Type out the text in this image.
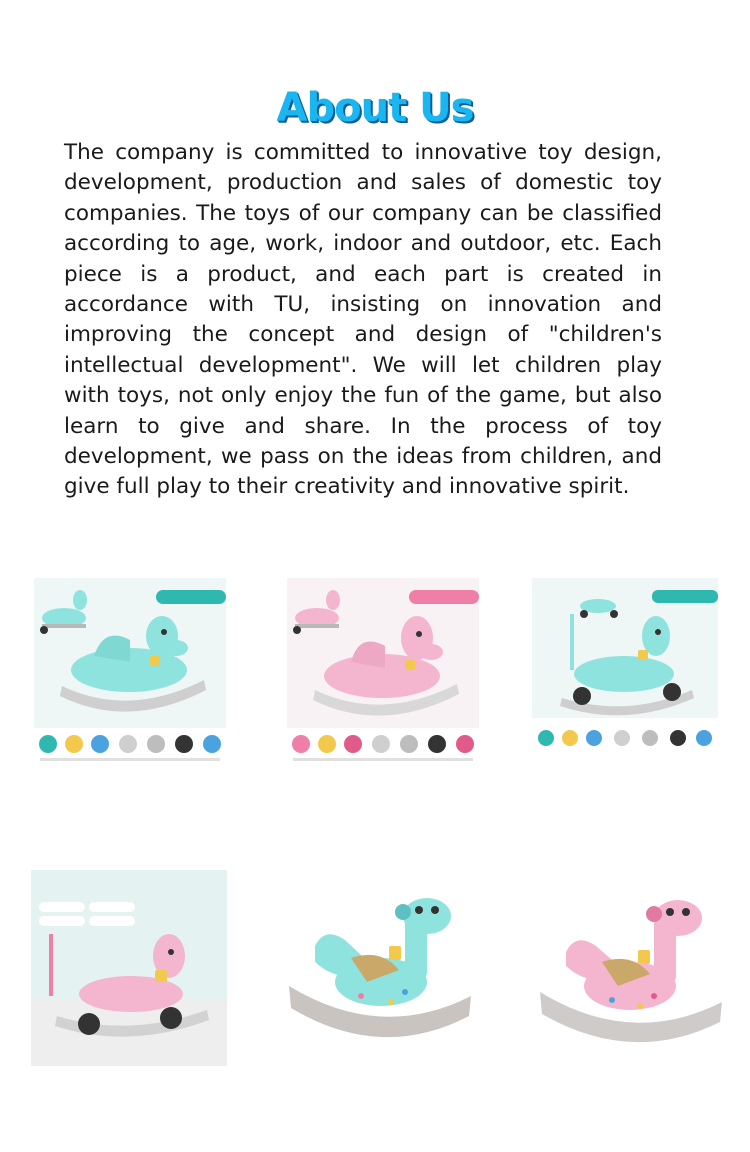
About Us

The company is committed to innovative toy design, development, production and sales of domestic toy companies. The toys of our company can be classified according to age, work, indoor and outdoor, etc. Each piece is a product, and each part is created in accordance with TU, insisting on innovation and improving the concept and design of "children's intellectual development". We will let children play with toys, not only enjoy the fun of the game, but also learn to give and share. In the process of toy development, we pass on the ideas from children, and give full play to their creativity and innovative spirit.
